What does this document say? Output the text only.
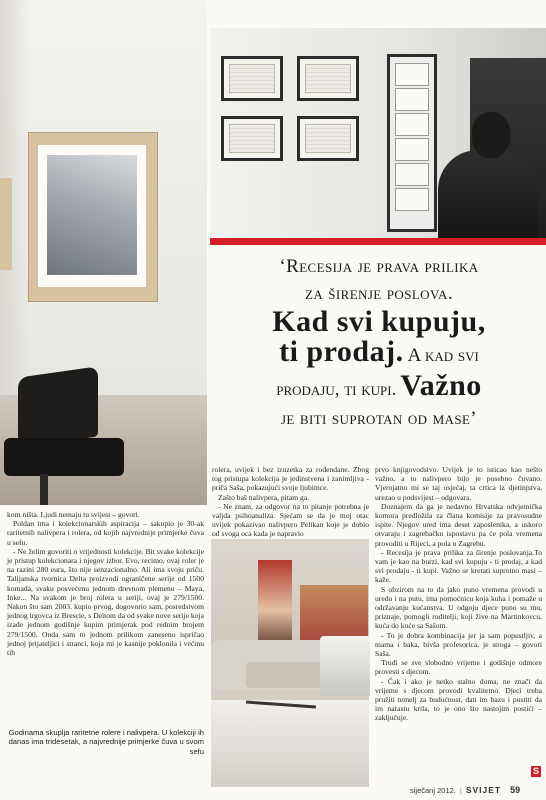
‘Recesija je prava prilika
za širenje poslova.
Kad svi kupuju,
ti prodaj. A kad svi
prodaju, ti kupi. Važno
je biti suprotan od mase’

kom ništa. Ljudi nemaju tu svijest – govori.

Poldan ima i kolekcionarskih aspiracija – sakupio je 30-ak raritetnih nalivpera i rolera, od kojih najvrednije primjerke čuva u sefu.

- Ne želim govoriti o vrijednosti kolekcije. Bit svake kolekcije je pristup kolekcionara i njegov izbor. Evo, recimo, ovaj roler je na razini 280 eura, što nije senzacionalno. Ali ima svoju priču. Talijanska tvornica Delta proizvodi ograničene serije od 1500 komada, svaku posvećenu jednom drevnom plemenu – Maya, Inke... Na svakom je broj rolera u seriji, ovaj je 279/1500. Nakon što sam 2003. kupio prvog, dogovorio sam, posredstvom jednog trgovca iz Brescie, s Deltom da od svake nove serije koja izađe jednom godišnje kupim primjerak pod rednim brojem 279/1500. Onda sam to jednom prilikom zaneseno ispričao jednoj prijateljici i stranci, koja mi je kasnije poklonila i većinu tih

Godinama skuplja raritetne rolere i nalivpera. U kolekciji ih danas ima tridesetak, a najvrednije primjerke čuva u svom sefu

rolera, uvijek i bez izuzetka za rođendane. Zbog tog pristupa kolekcija je jedinstvena i zanimljiva - priča Saša, pokazujući svoje ljubimce.

Zašto baš nalivpera, pitam ga.

- Ne znam, za odgovor na to pitanje potrebna je valjda psihoanaliza. Sjećam se da je moj otac uvijek pokazivao nalivpero Pelikan koje je dobio od svoga oca kada je napravio

prvo knjigovodstvo. Uvijek je to isticao kao nešto važno, a to nalivpero bilo je posebno čuvano. Vjerojatno mi se taj osjećaj, ta crtica iz djetinjstva, urezao u podsvijest – odgovara.

Doznajem da ga je nedavno Hrvatska odvjetnička komora predložila za člana komisije za pravosudne ispite. Njegov ured ima deset zaposlenika, a uskoro otvaraju i zagrebačku ispostavu pa će pola vremena provoditi u Rijeci, a pola u Zagrebu.

- Recesija je prava prilika za širenje poslovanja.To vam je kao na burzi, kad svi kupuju - ti prodaj, a kad svi prodaju - ti kupi. Važno se kretati suprotno masi – kaže.

S obzirom na to da jako puno vremena provodi u uredu i na putu, ima pomoćnicu koja kuha i pomaže u održavanju kućanstva. U odgoju djece puno su mu, priznaje, pomogli roditelji, koji žive na Martinkovcu, kuća do kuće sa Sašom.

- To je dobra kombinacija jer ja sam popustljiv, a mama i baka, bivša profesorica, je stroga – govori Saša.

Trudi se sve slobodno vrijeme i godišnje odmore provesti s djecom.

- Čak i ako je netko stalno doma, ne znači da vrijeme s djecom provodi kvalitetno. Djeci treba pružiti temelj za budućnost, dati im bazu i pustiti da im narastu krila, to je ono što nastojim postići – zaključuje.

S
siječanj 2012. | SVIJET 59
